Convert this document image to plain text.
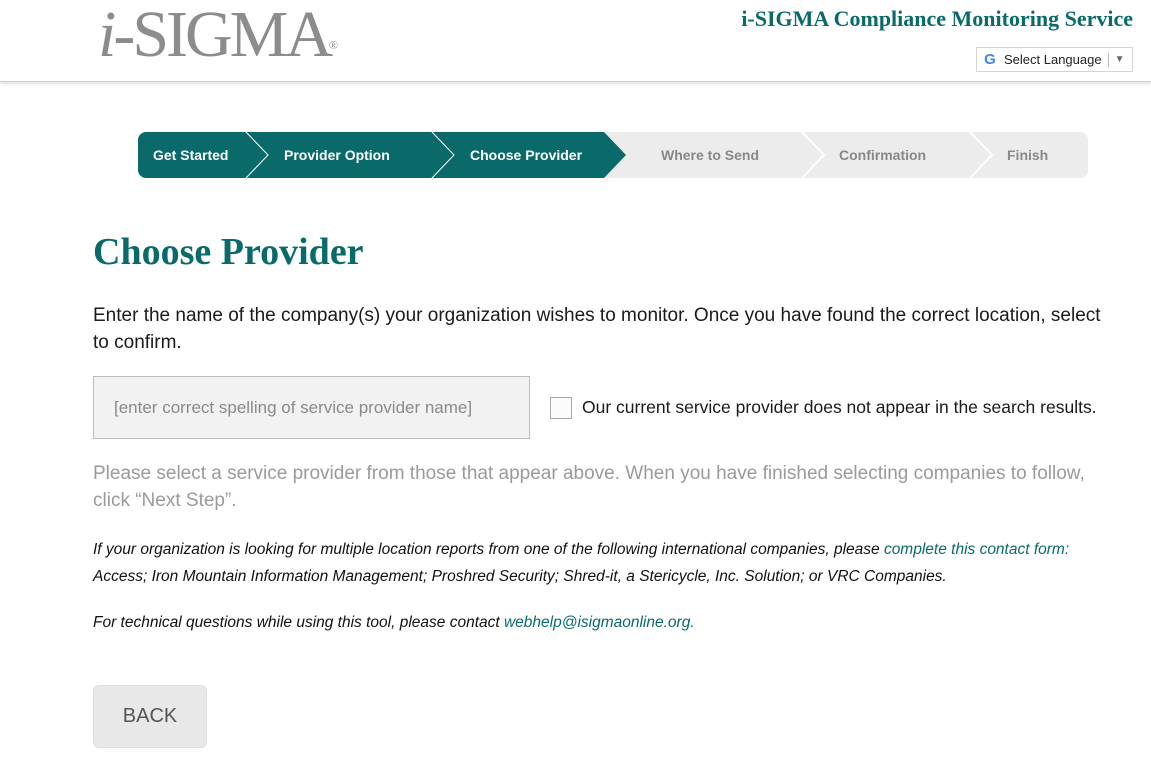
i-SIGMA
®
i-SIGMA Compliance Monitoring Service
G Select Language ▼
Get Started	Provider Option	Choose Provider	Where to Send	Confirmation	Finish
Choose Provider

Enter the name of the company(s) your organization wishes to monitor. Once you have found the correct location, select to confirm.

[enter correct spelling of service provider name]
Our current service provider does not appear in the search results.

Please select a service provider from those that appear above. When you have finished selecting companies to follow, click “Next Step”.

If your organization is looking for multiple location reports from one of the following international companies, please complete this contact form: Access; Iron Mountain Information Management; Proshred Security; Shred-it, a Stericycle, Inc. Solution; or VRC Companies.

For technical questions while using this tool, please contact webhelp@isigmaonline.org.

BACK
